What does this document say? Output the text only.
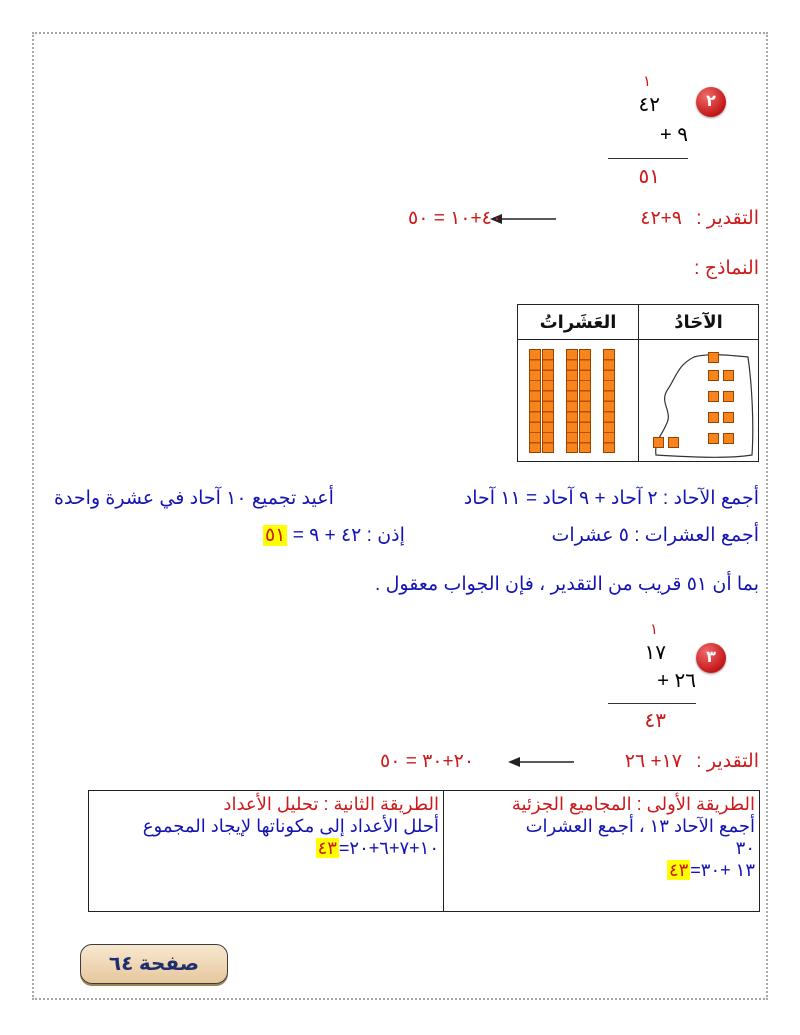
٢
١
٤٢
٩ +
٥١
التقدير :
٩+٤٢
٤٠+١٠ = ٥٠
النماذج :
الآحَادُ
العَشَراتُ
أجمع الآحاد : ٢ آحاد + ٩ آحاد = ١١ آحاد
أعيد تجميع ١٠ آحاد في عشرة واحدة
أجمع العشرات : ٥ عشرات
إذن : ٤٢ + ٩ = ٥١
بما أن ٥١ قريب من التقدير ، فإن الجواب معقول .
٣
١
١٧
٢٦ +
٤٣
التقدير :
١٧+ ٢٦
٢٠+٣٠ = ٥٠
الطريقة الأولى : المجاميع الجزئية
أجمع الآحاد ١٣ ، أجمع العشرات
٣٠
١٣ +٣٠=٤٣
الطريقة الثانية : تحليل الأعداد
أحلل الأعداد إلى مكوناتها لإيجاد المجموع
١٠+٧+٦+٢٠=٤٣
صفحة ٦٤
